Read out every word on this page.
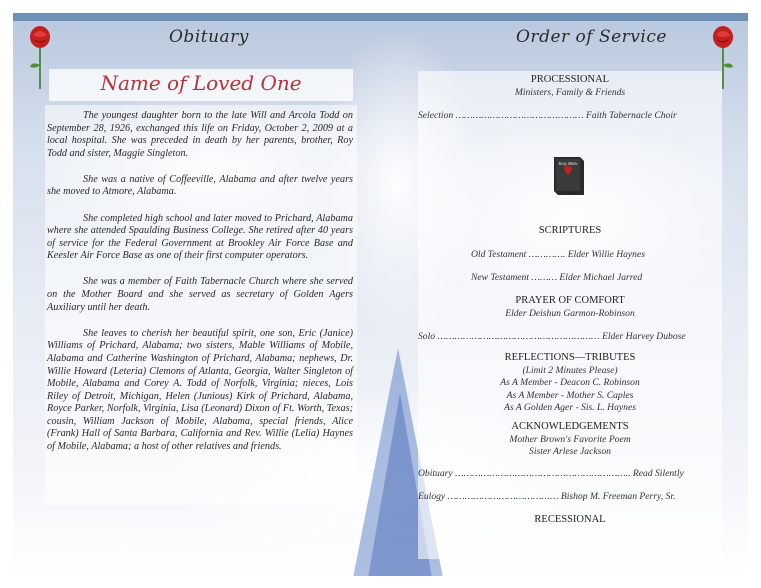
Obituary
Name of Loved One

The youngest daughter born to the late Will and Arcola Todd on September 28, 1926, exchanged this life on Friday, October 2, 2009 at a local hospital. She was preceded in death by her parents, brother, Roy Todd and sister, Maggie Singleton.

She was a native of Coffeeville, Alabama and after twelve years she moved to Atmore, Alabama.

She completed high school and later moved to Prichard, Alabama where she attended Spaulding Business College. She retired after 40 years of service for the Federal Government at Brookley Air Force Base and Keesler Air Force Base as one of their first computer operators.

She was a member of Faith Tabernacle Church where she served on the Mother Board and she served as secretary of Golden Agers Auxiliary until her death.

She leaves to cherish her beautiful spirit, one son, Eric (Janice) Williams of Prichard, Alabama; two sisters, Mable Williams of Mobile, Alabama and Catherine Washington of Prichard, Alabama; nephews, Dr. Willie Howard (Leteria) Clemons of Atlanta, Georgia, Walter Singleton of Mobile, Alabama and Corey A. Todd of Norfolk, Virginia; nieces, Lois Riley of Detroit, Michigan, Helen (Junious) Kirk of Prichard, Alabama, Royce Parker, Norfolk, Virginia, Lisa (Leonard) Dixon of Ft. Worth, Texas; cousin, William Jackson of Mobile, Alabama, special friends, Alice (Frank) Hall of Santa Barbara, California and Rev. Willie (Lelia) Haynes of Mobile, Alabama; a host of other relatives and friends.

Order of Service
PROCESSIONAL
Ministers, Family & Friends
Selection ……………………………………… Faith Tabernacle Choir
Holy Bible
SCRIPTURES
Old Testament …………. Elder Willie Haynes
New Testament ……… Elder Michael Jarred
PRAYER OF COMFORT
Elder Deishun Garmon-Robinson
Solo ………………………………………………… Elder Harvey Dubose
REFLECTIONS—TRIBUTES
(Limit 2 Minutes Please)
As A Member - Deacon C. Robinson
As A Member - Mother S. Caples
As A Golden Ager - Sis. L. Haynes
ACKNOWLEDGEMENTS
Mother Brown's Favorite Poem
Sister Arlese Jackson
Obituary …………………………………………………….. Read Silently
Eulogy ………………………………… Bishop M. Freeman Perry, Sr.
RECESSIONAL
